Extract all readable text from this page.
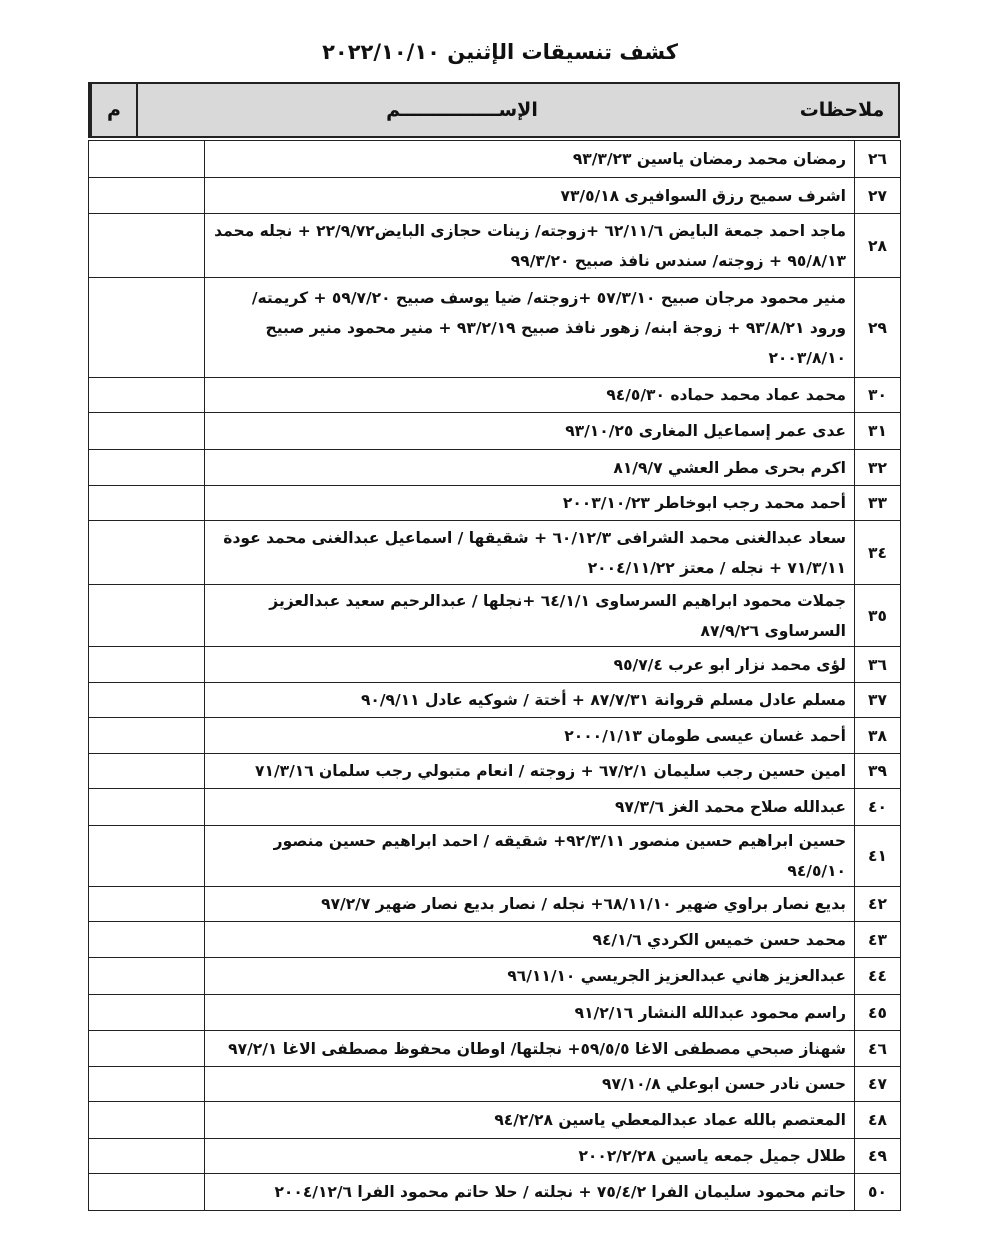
كشف تنسيقات الإثنين ٢٠٢٢/١٠/١٠
م	الإســـــــــــــــم	ملاحظات
	رمضان محمد رمضان ياسين ٩٣/٣/٢٣	٢٦
	اشرف سميح رزق السوافيرى ٧٣/٥/١٨	٢٧
	ماجد احمد جمعة البايض ٦٢/١١/٦ +زوجته/ زينات حجازى البايض٢٢/٩/٧٢ + نجله محمد ٩٥/٨/١٣ + زوجته/ سندس نافذ صبيح ٩٩/٣/٢٠	٢٨
	منير محمود مرجان صبيح ٥٧/٣/١٠ +زوجته/ ضيا يوسف صبيح ٥٩/٧/٢٠ + كريمته/ ورود ٩٣/٨/٢١ + زوجة ابنه/ زهور نافذ صبيح ٩٣/٢/١٩ + منير محمود منير صبيح ٢٠٠٣/٨/١٠	٢٩
	محمد عماد محمد حماده ٩٤/٥/٣٠	٣٠
	عدى عمر إسماعيل المغارى ٩٣/١٠/٢٥	٣١
	اكرم بحرى مطر العشي ٨١/٩/٧	٣٢
	أحمد محمد رجب ابوخاطر ٢٠٠٣/١٠/٢٣	٣٣
	سعاد عبدالغنى محمد الشرافى ٦٠/١٢/٣ + شقيقها / اسماعيل عبدالغنى محمد عودة ٧١/٣/١١ + نجله / معتز ٢٠٠٤/١١/٢٢	٣٤
	جملات محمود ابراهيم السرساوى ٦٤/١/١ +نجلها / عبدالرحيم سعيد عبدالعزيز السرساوى ٨٧/٩/٢٦	٣٥
	لؤى محمد نزار ابو عرب ٩٥/٧/٤	٣٦
	مسلم عادل مسلم قروانة ٨٧/٧/٣١ + أختة / شوكيه عادل ٩٠/٩/١١	٣٧
	أحمد غسان عيسى طومان ٢٠٠٠/١/١٣	٣٨
	امين حسين رجب سليمان ٦٧/٢/١ + زوجته / انعام متبولي رجب سلمان ٧١/٣/١٦	٣٩
	عبدالله صلاح محمد الغز ٩٧/٣/٦	٤٠
	حسين ابراهيم حسين منصور ٩٢/٣/١١+ شقيقه / احمد ابراهيم حسين منصور ٩٤/٥/١٠	٤١
	بديع نصار براوي ضهير ٦٨/١١/١٠+ نجله / نصار بديع نصار ضهير ٩٧/٢/٧	٤٢
	محمد حسن خميس الكردي ٩٤/١/٦	٤٣
	عبدالعزيز هاني عبدالعزيز الجريسي ٩٦/١١/١٠	٤٤
	راسم محمود عبدالله النشار ٩١/٢/١٦	٤٥
	شهناز صبحي مصطفى الاغا ٥٩/٥/٥+ نجلتها/ اوطان محفوظ مصطفى الاغا ٩٧/٢/١	٤٦
	حسن نادر حسن ابوعلي ٩٧/١٠/٨	٤٧
	المعتصم بالله عماد عبدالمعطي ياسين ٩٤/٢/٢٨	٤٨
	طلال جميل جمعه ياسين ٢٠٠٢/٢/٢٨	٤٩
	حاتم محمود سليمان الفرا ٧٥/٤/٢ + نجلته / حلا حاتم محمود الفرا ٢٠٠٤/١٢/٦	٥٠
